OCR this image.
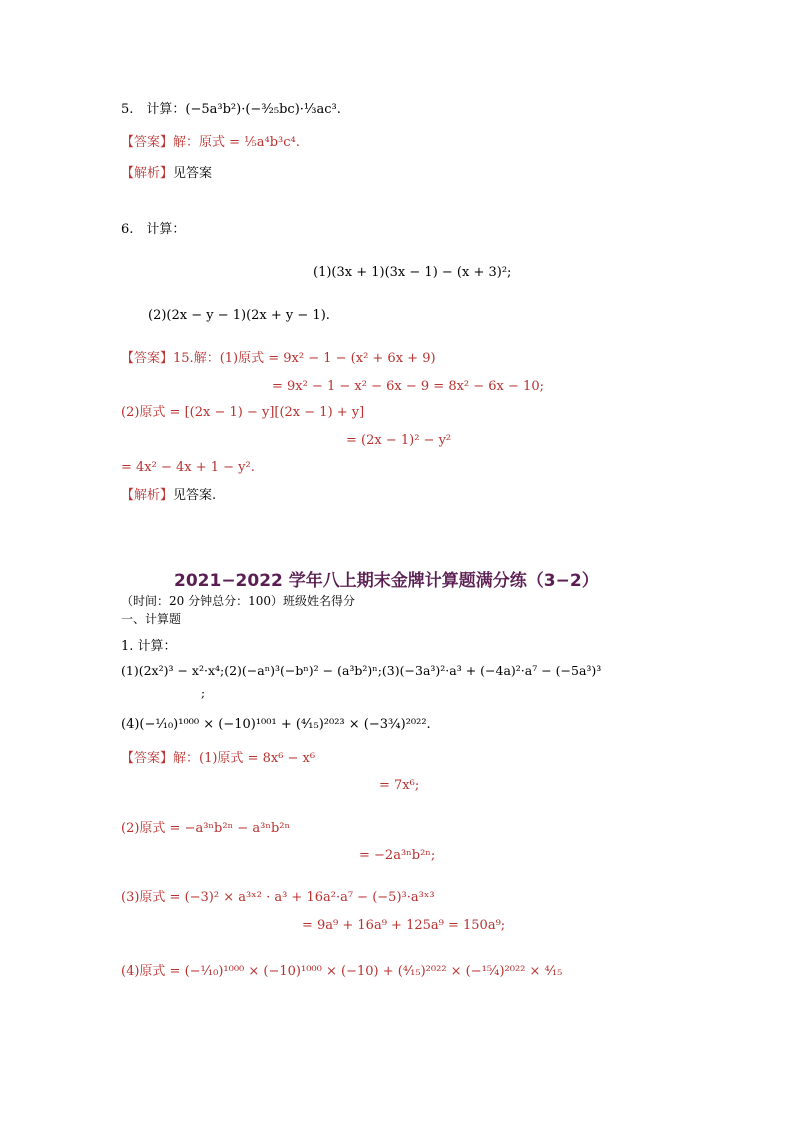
5.　计算：(−5a³b²)·(−³⁄₂₅bc)·⅓ac³.
【答案】解：原式 = ⅕a⁴b³c⁴.
【解析】见答案
6.　计算：
(1)(3x + 1)(3x − 1) − (x + 3)²;
(2)(2x − y − 1)(2x + y − 1).
【答案】15.解：(1)原式 = 9x² − 1 − (x² + 6x + 9)
= 9x² − 1 − x² − 6x − 9 = 8x² − 6x − 10;
(2)原式 = [(2x − 1) − y][(2x − 1) + y]
= (2x − 1)² − y²
= 4x² − 4x + 1 − y².
【解析】见答案.
2021−2022 学年八上期末金牌计算题满分练（3−2）
（时间：20 分钟总分：100）班级姓名得分
一、计算题
1. 计算：
(1)(2x²)³ − x²·x⁴;(2)(−aⁿ)³(−bⁿ)² − (a³b²)ⁿ;(3)(−3a³)²·a³ + (−4a)²·a⁷ − (−5a³)³
;
(4)(−¹⁄₁₀)¹⁰⁰⁰ × (−10)¹⁰⁰¹ + (⁴⁄₁₅)²⁰²³ × (−3¾)²⁰²².
【答案】解：(1)原式 = 8x⁶ − x⁶
= 7x⁶;
(2)原式 = −a³ⁿb²ⁿ − a³ⁿb²ⁿ
= −2a³ⁿb²ⁿ;
(3)原式 = (−3)² × a³ˣ² · a³ + 16a²·a⁷ − (−5)³·a³ˣ³
= 9a⁹ + 16a⁹ + 125a⁹ = 150a⁹;
(4)原式 = (−¹⁄₁₀)¹⁰⁰⁰ × (−10)¹⁰⁰⁰ × (−10) + (⁴⁄₁₅)²⁰²² × (−¹⁵⁄₄)²⁰²² × ⁴⁄₁₅
